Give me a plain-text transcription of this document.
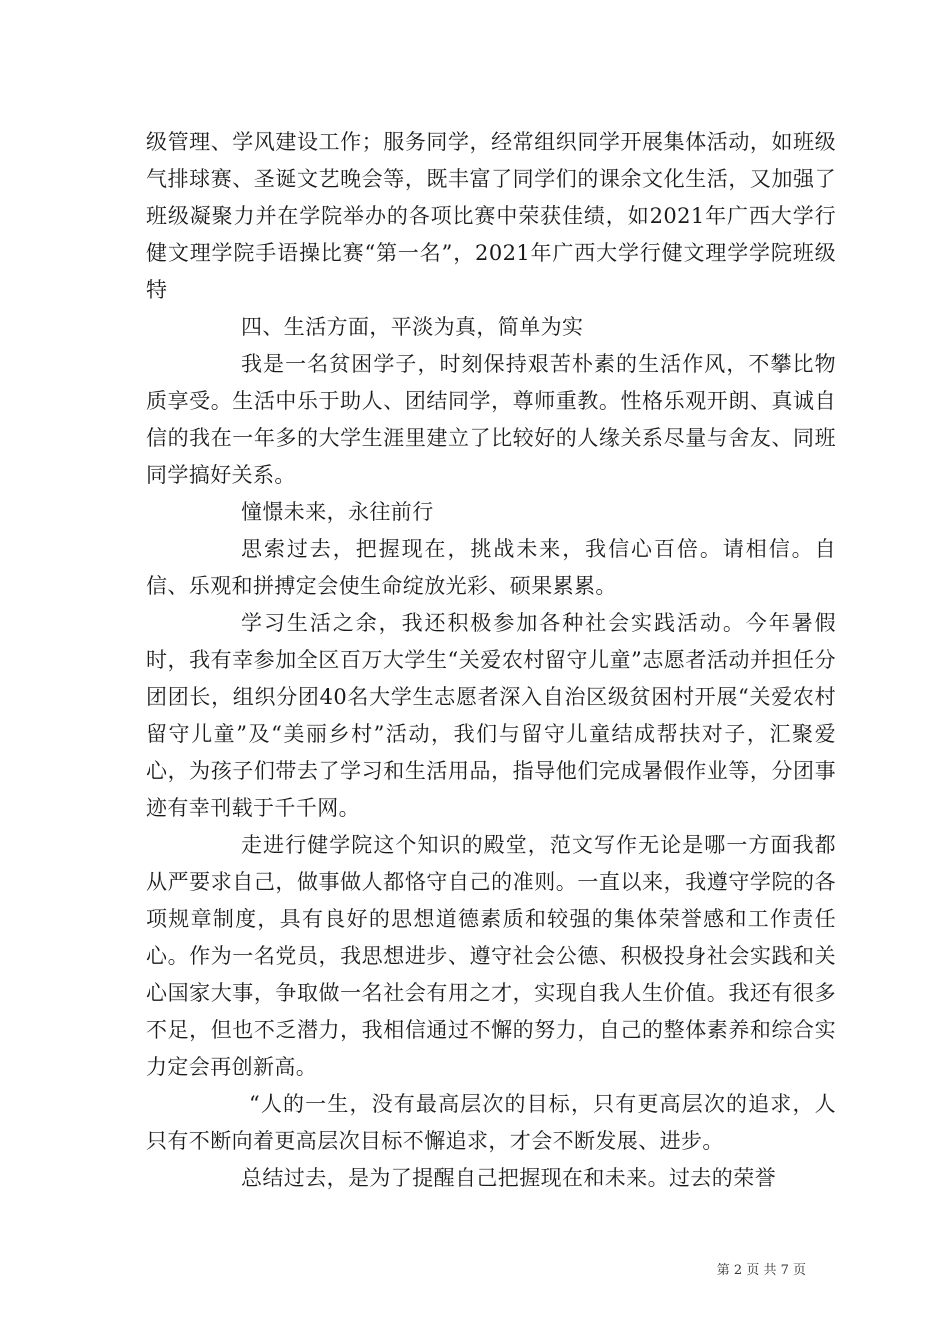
级管理、学风建设工作；服务同学，经常组织同学开展集体活动，如班级气排球赛、圣诞文艺晚会等，既丰富了同学们的课余文化生活，又加强了班级凝聚力并在学院举办的各项比赛中荣获佳绩，如2021年广西大学行健文理学院手语操比赛“第一名”，2021年广西大学行健文理学学院班级特

四、生活方面，平淡为真，简单为实

我是一名贫困学子，时刻保持艰苦朴素的生活作风，不攀比物质享受。生活中乐于助人、团结同学，尊师重教。性格乐观开朗、真诚自信的我在一年多的大学生涯里建立了比较好的人缘关系尽量与舍友、同班同学搞好关系。

憧憬未来，永往前行

思索过去，把握现在，挑战未来，我信心百倍。请相信。自信、乐观和拼搏定会使生命绽放光彩、硕果累累。

学习生活之余，我还积极参加各种社会实践活动。今年暑假时，我有幸参加全区百万大学生“关爱农村留守儿童”志愿者活动并担任分团团长，组织分团40名大学生志愿者深入自治区级贫困村开展“关爱农村留守儿童”及“美丽乡村”活动，我们与留守儿童结成帮扶对子，汇聚爱心，为孩子们带去了学习和生活用品，指导他们完成暑假作业等，分团事迹有幸刊载于千千网。

走进行健学院这个知识的殿堂，范文写作无论是哪一方面我都从严要求自己，做事做人都恪守自己的准则。一直以来，我遵守学院的各项规章制度，具有良好的思想道德素质和较强的集体荣誉感和工作责任心。作为一名党员，我思想进步、遵守社会公德、积极投身社会实践和关心国家大事，争取做一名社会有用之才，实现自我人生价值。我还有很多不足，但也不乏潜力，我相信通过不懈的努力，自己的整体素养和综合实力定会再创新高。

“人的一生，没有最高层次的目标，只有更高层次的追求，人只有不断向着更高层次目标不懈追求，才会不断发展、进步。

总结过去，是为了提醒自己把握现在和未来。过去的荣誉

第 2 页 共 7 页
